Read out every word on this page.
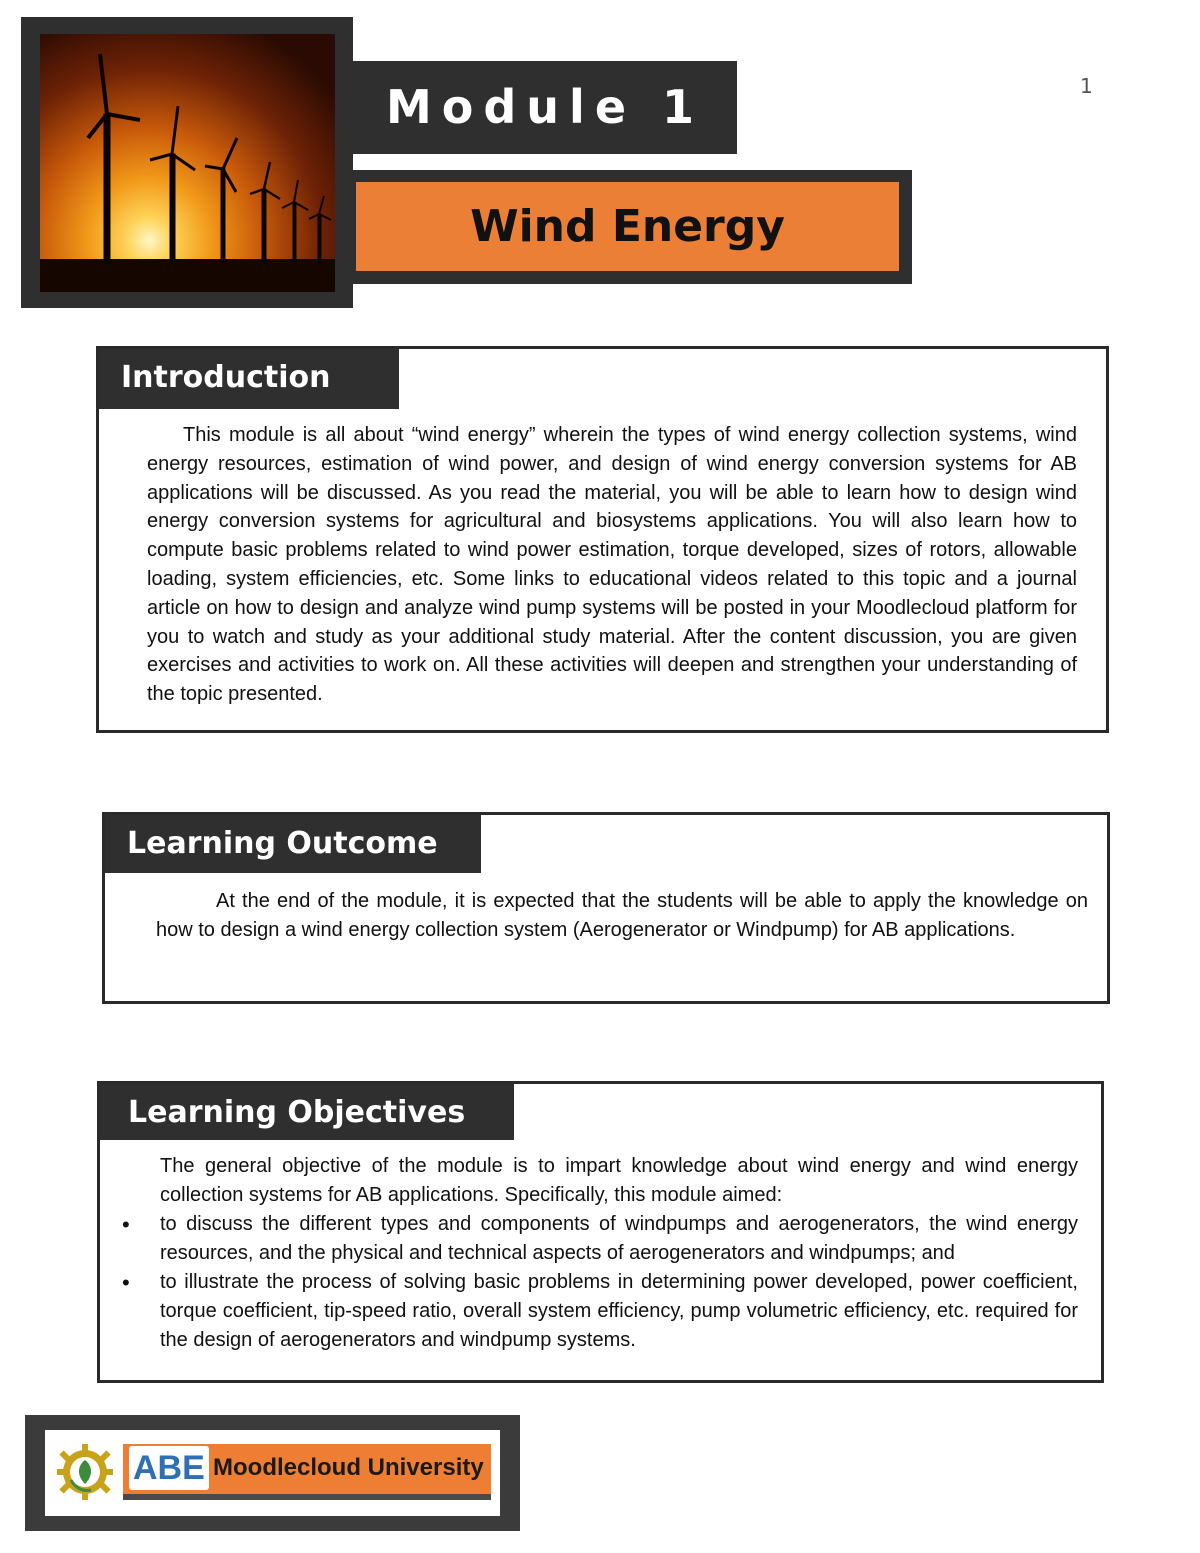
1
Module 1
Wind Energy
Introduction
This module is all about “wind energy” wherein the types of wind energy collection systems, wind energy resources, estimation of wind power, and design of wind energy conversion systems for AB applications will be discussed. As you read the material, you will be able to learn how to design wind energy conversion systems for agricultural and biosystems applications. You will also learn how to compute basic problems related to wind power estimation, torque developed, sizes of rotors, allowable loading, system efficiencies, etc. Some links to educational videos related to this topic and a journal article on how to design and analyze wind pump systems will be posted in your Moodlecloud platform for you to watch and study as your additional study material. After the content discussion, you are given exercises and activities to work on. All these activities will deepen and strengthen your understanding of the topic presented.
Learning Outcome
At the end of the module, it is expected that the students will be able to apply the knowledge on how to design a wind energy collection system (Aerogenerator or Windpump) for AB applications.
Learning Objectives
The general objective of the module is to impart knowledge about wind energy and wind energy collection systems for AB applications. Specifically, this module aimed:
• to discuss the different types and components of windpumps and aerogenerators, the wind energy resources, and the physical and technical aspects of aerogenerators and windpumps; and
• to illustrate the process of solving basic problems in determining power developed, power coefficient, torque coefficient, tip-speed ratio, overall system efficiency, pump volumetric efficiency, etc. required for the design of aerogenerators and windpump systems.
ABE Moodlecloud University
